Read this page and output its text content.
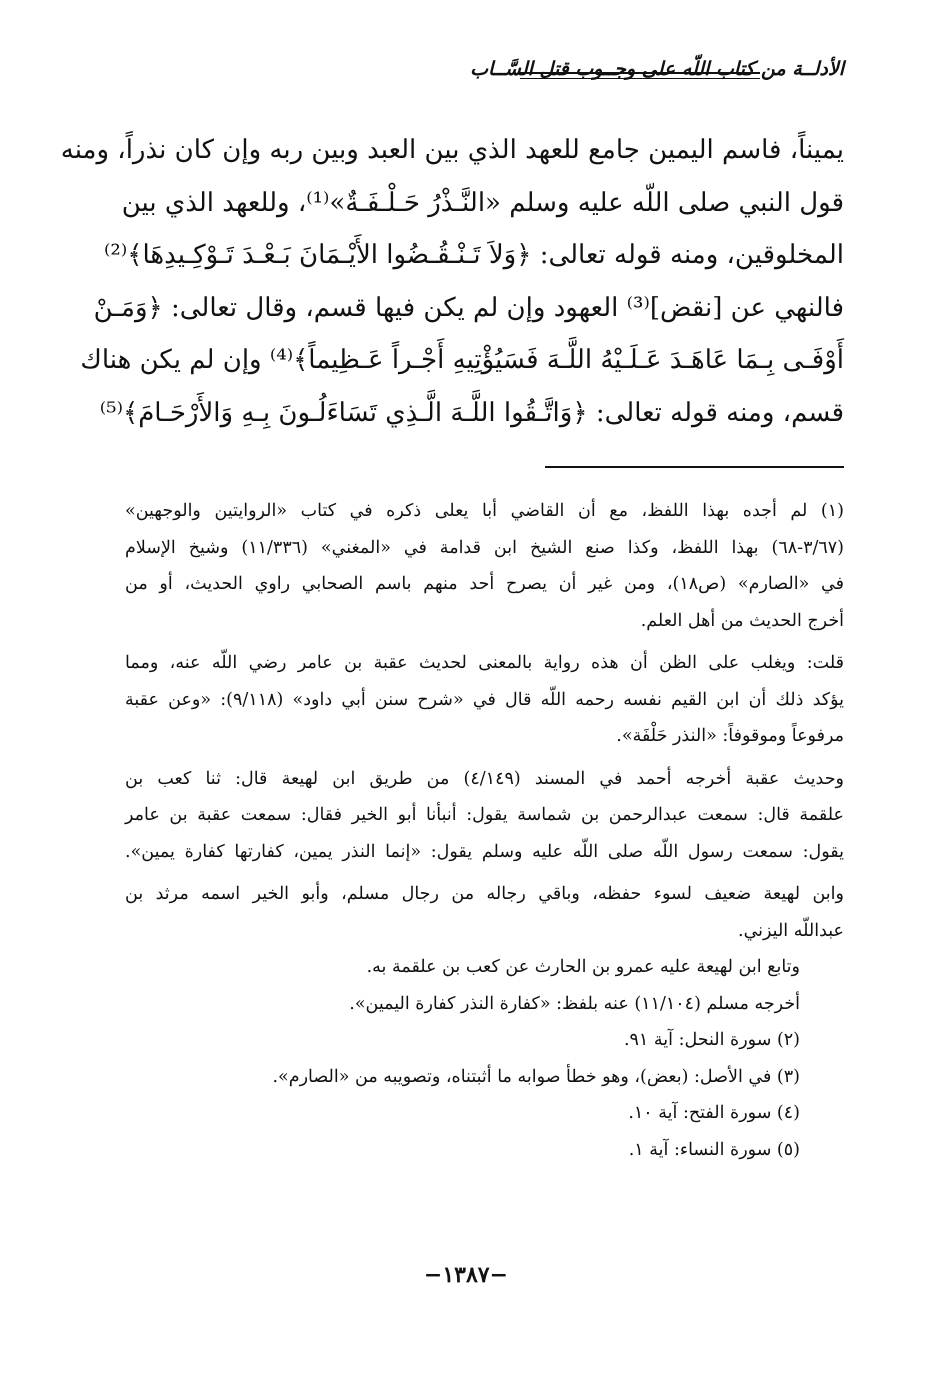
الأدلــة من كتاب اللّه على وجــوب قتل السَّــاب

يميناً، فاسم اليمين جامع للعهد الذي بين العبد وبين ربه وإن كان نذراً، ومنه

قول النبي صلى اللّه عليه وسلم «النَّـذْرُ حَـلْـفَـةٌ»⁽¹⁾، وللعهد الذي بين

المخلوقين، ومنه قوله تعالى: ﴿وَلاَ تَـنْـقُـضُوا الأَيْـمَانَ بَـعْـدَ تَـوْكِـيدِهَا﴾⁽²⁾

فالنهي عن [نقض]⁽³⁾ العهود وإن لم يكن فيها قسم، وقال تعالى: ﴿وَمَـنْ

أَوْفَـى بِـمَا عَاهَـدَ عَـلَـيْهُ اللَّـهَ فَسَيُؤْتِيهِ أَجْـراً عَـظِيماً﴾⁽⁴⁾ وإن لم يكن هناك

قسم، ومنه قوله تعالى: ﴿وَاتَّـقُوا اللَّـهَ الَّـذِي تَسَاءَلُـونَ بِـهِ وَالأَرْحَـامَ﴾⁽⁵⁾

(١) لم أجده بهذا اللفظ، مع أن القاضي أبا يعلى ذكره في كتاب «الروايتين والوجهين»

(٣/٦٧-٦٨) بهذا اللفظ، وكذا صنع الشيخ ابن قدامة في «المغني» (١١/٣٣٦) وشيخ الإسلام

في «الصارم» (ص١٨)، ومن غير أن يصرح أحد منهم باسم الصحابي راوي الحديث، أو من

أخرج الحديث من أهل العلم.

قلت: ويغلب على الظن أن هذه رواية بالمعنى لحديث عقبة بن عامر رضي اللّه عنه، ومما

يؤكد ذلك أن ابن القيم نفسه رحمه اللّه قال في «شرح سنن أبي داود» (٩/١١٨): «وعن عقبة

مرفوعاً وموقوفاً: «النذر حَلْفَة».

وحديث عقبة أخرجه أحمد في المسند (٤/١٤٩) من طريق ابن لهيعة قال: ثنا كعب بن

علقمة قال: سمعت عبدالرحمن بن شماسة يقول: أنبأنا أبو الخير فقال: سمعت عقبة بن عامر

يقول: سمعت رسول اللّه صلى اللّه عليه وسلم يقول: «إنما النذر يمين، كفارتها كفارة يمين».

وابن لهيعة ضعيف لسوء حفظه، وباقي رجاله من رجال مسلم، وأبو الخير اسمه مرثد بن

عبداللّه اليزني.

وتابع ابن لهيعة عليه عمرو بن الحارث عن كعب بن علقمة به.

أخرجه مسلم (١١/١٠٤) عنه بلفظ: «كفارة النذر كفارة اليمين».

(٢) سورة النحل: آية ٩١.

(٣) في الأصل: (بعض)، وهو خطأ صوابه ما أثبتناه، وتصويبه من «الصارم».

(٤) سورة الفتح: آية ١٠.

(٥) سورة النساء: آية ١.

−١٣٨٧−
